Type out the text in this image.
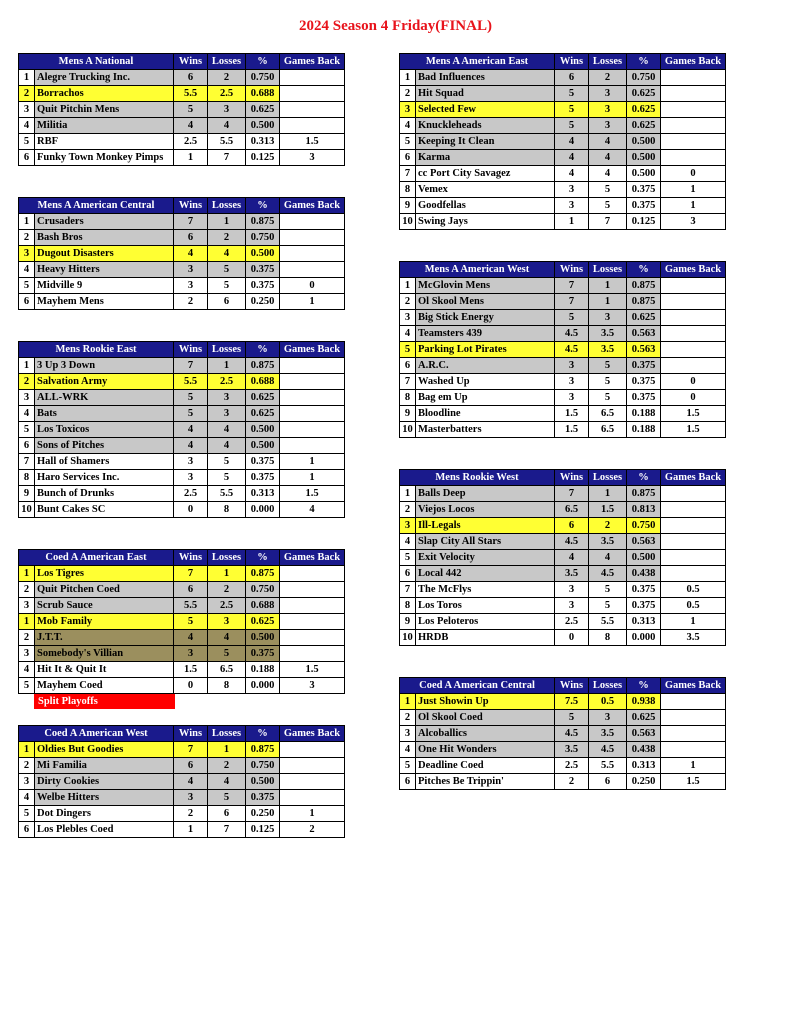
2024 Season 4 Friday(FINAL)
Mens A National		Wins	Losses	%	Games Back
1	Alegre Trucking Inc.	6	2	0.750	
2	Borrachos	5.5	2.5	0.688	
3	Quit Pitchin Mens	5	3	0.625	
4	Militia	4	4	0.500	
5	RBF	2.5	5.5	0.313	1.5
6	Funky Town Monkey Pimps	1	7	0.125	3
Mens A American Central		Wins	Losses	%	Games Back
1	Crusaders	7	1	0.875	
2	Bash Bros	6	2	0.750	
3	Dugout Disasters	4	4	0.500	
4	Heavy Hitters	3	5	0.375	
5	Midville 9	3	5	0.375	0
6	Mayhem Mens	2	6	0.250	1
Mens Rookie East		Wins	Losses	%	Games Back
1	3 Up 3 Down	7	1	0.875	
2	Salvation Army	5.5	2.5	0.688	
3	ALL-WRK	5	3	0.625	
4	Bats	5	3	0.625	
5	Los Toxicos	4	4	0.500	
6	Sons of Pitches	4	4	0.500	
7	Hall of Shamers	3	5	0.375	1
8	Haro Services Inc.	3	5	0.375	1
9	Bunch of Drunks	2.5	5.5	0.313	1.5
10	Bunt Cakes SC	0	8	0.000	4
Coed A American East		Wins	Losses	%	Games Back
1	Los Tigres	7	1	0.875	
2	Quit Pitchen Coed	6	2	0.750	
3	Scrub Sauce	5.5	2.5	0.688	
1	Mob Family	5	3	0.625	
2	J.T.T.	4	4	0.500	
3	Somebody's Villian	3	5	0.375	
4	Hit It & Quit It	1.5	6.5	0.188	1.5
5	Mayhem Coed	0	8	0.000	3
Coed A American West		Wins	Losses	%	Games Back
1	Oldies But Goodies	7	1	0.875	
2	Mi Familia	6	2	0.750	
3	Dirty Cookies	4	4	0.500	
4	Welbe Hitters	3	5	0.375	
5	Dot Dingers	2	6	0.250	1
6	Los Plebles Coed	1	7	0.125	2
Mens A American East		Wins	Losses	%	Games Back
1	Bad Influences	6	2	0.750	
2	Hit Squad	5	3	0.625	
3	Selected Few	5	3	0.625	
4	Knuckleheads	5	3	0.625	
5	Keeping It Clean	4	4	0.500	
6	Karma	4	4	0.500	
7	cc Port City Savagez	4	4	0.500	0
8	Vemex	3	5	0.375	1
9	Goodfellas	3	5	0.375	1
10	Swing Jays	1	7	0.125	3
Mens A American West		Wins	Losses	%	Games Back
1	McGlovin Mens	7	1	0.875	
2	Ol Skool Mens	7	1	0.875	
3	Big Stick Energy	5	3	0.625	
4	Teamsters 439	4.5	3.5	0.563	
5	Parking Lot Pirates	4.5	3.5	0.563	
6	A.R.C.	3	5	0.375	
7	Washed Up	3	5	0.375	0
8	Bag em Up	3	5	0.375	0
9	Bloodline	1.5	6.5	0.188	1.5
10	Masterbatters	1.5	6.5	0.188	1.5
Mens Rookie West		Wins	Losses	%	Games Back
1	Balls Deep	7	1	0.875	
2	Viejos Locos	6.5	1.5	0.813	
3	Ill-Legals	6	2	0.750	
4	Slap City All Stars	4.5	3.5	0.563	
5	Exit Velocity	4	4	0.500	
6	Local 442	3.5	4.5	0.438	
7	The McFlys	3	5	0.375	0.5
8	Los Toros	3	5	0.375	0.5
9	Los Peloteros	2.5	5.5	0.313	1
10	HRDB	0	8	0.000	3.5
Coed A American Central		Wins	Losses	%	Games Back
1	Just Showin Up	7.5	0.5	0.938	
2	Ol Skool Coed	5	3	0.625	
3	Alcoballics	4.5	3.5	0.563	
4	One Hit Wonders	3.5	4.5	0.438	
5	Deadline Coed	2.5	5.5	0.313	1
6	Pitches Be Trippin'	2	6	0.250	1.5
Split Playoffs
